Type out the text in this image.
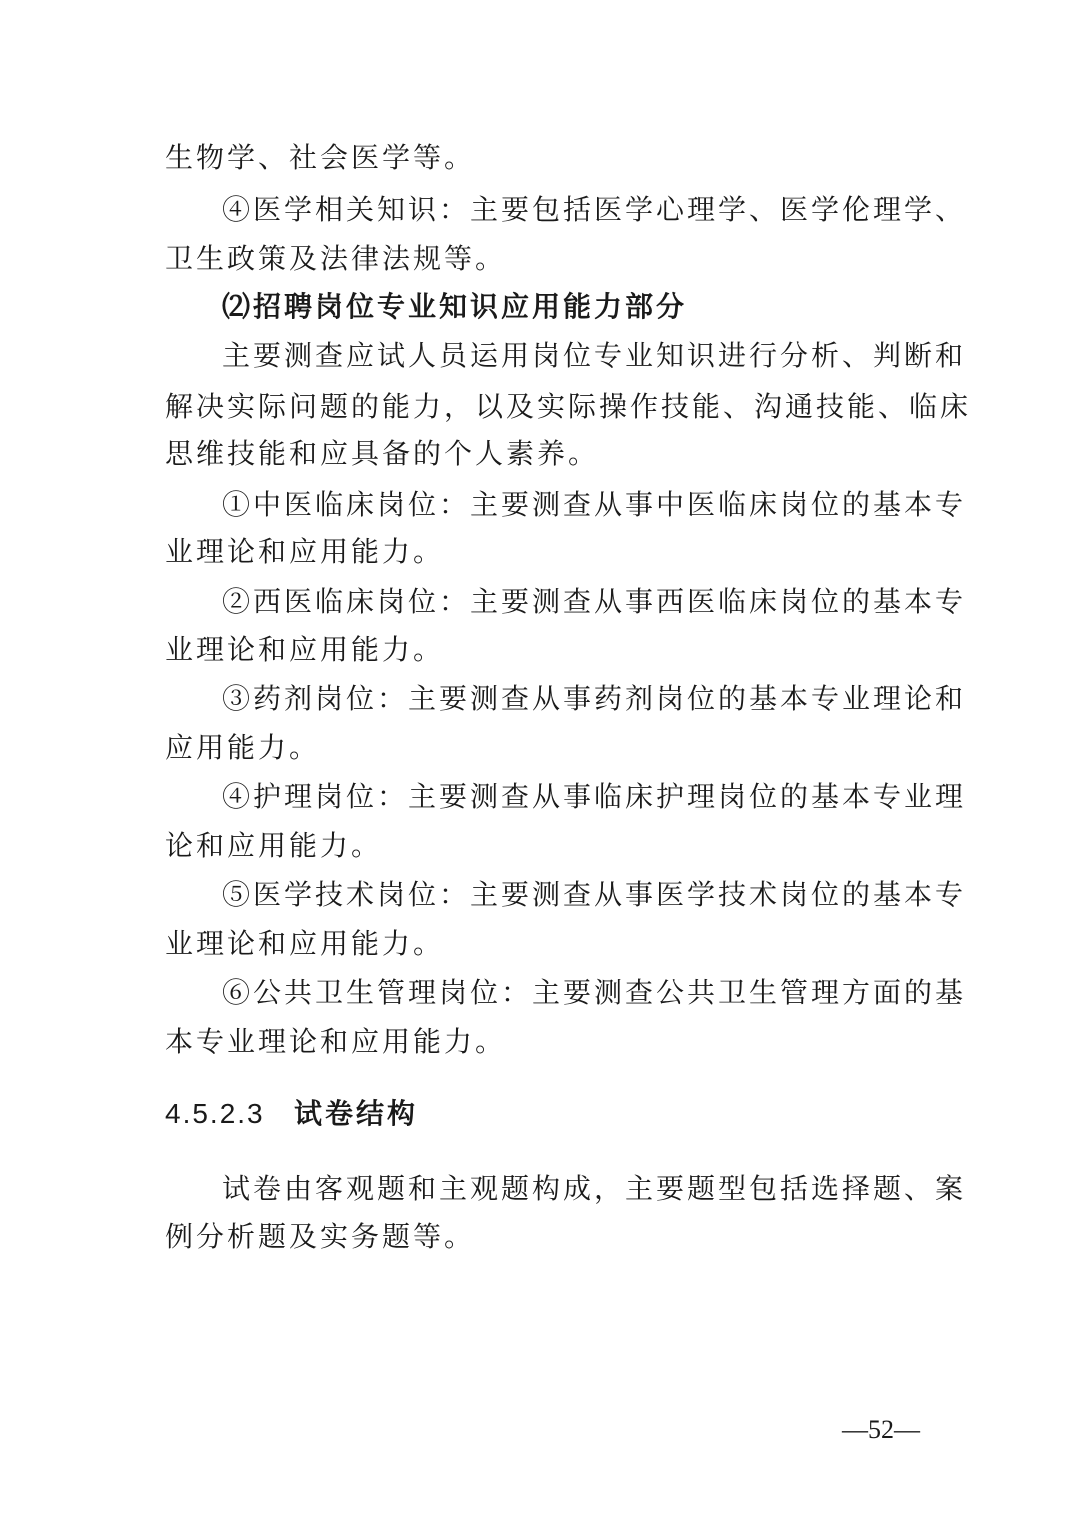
生物学、社会医学等。
④医学相关知识：主要包括医学心理学、医学伦理学、
卫生政策及法律法规等。
⑵招聘岗位专业知识应用能力部分
主要测查应试人员运用岗位专业知识进行分析、判断和
解决实际问题的能力，以及实际操作技能、沟通技能、临床
思维技能和应具备的个人素养。
①中医临床岗位：主要测查从事中医临床岗位的基本专
业理论和应用能力。
②西医临床岗位：主要测查从事西医临床岗位的基本专
业理论和应用能力。
③药剂岗位：主要测查从事药剂岗位的基本专业理论和
应用能力。
④护理岗位：主要测查从事临床护理岗位的基本专业理
论和应用能力。
⑤医学技术岗位：主要测查从事医学技术岗位的基本专
业理论和应用能力。
⑥公共卫生管理岗位：主要测查公共卫生管理方面的基
本专业理论和应用能力。
4.5.2.3 试卷结构
试卷由客观题和主观题构成，主要题型包括选择题、案
例分析题及实务题等。
—52—
